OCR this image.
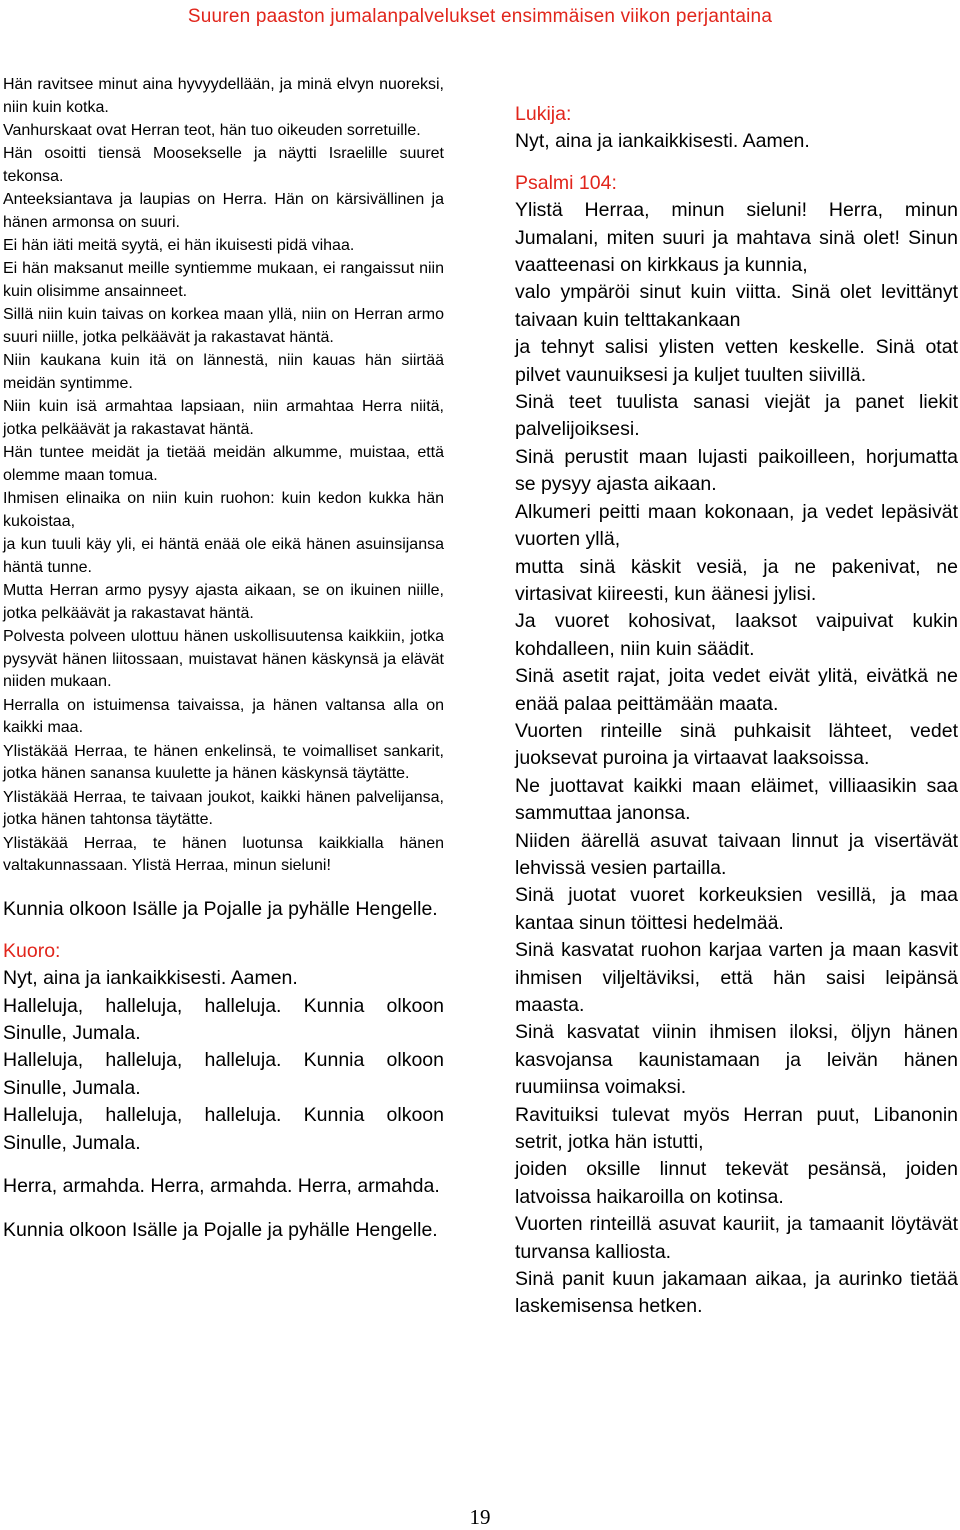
Suuren paaston jumalanpalvelukset ensimmäisen viikon perjantaina

Hän ravitsee minut aina hyvyydellään, ja minä elvyn nuoreksi, niin kuin kotka.

Vanhurskaat ovat Herran teot, hän tuo oikeuden sorretuille.

Hän osoitti tiensä Moosekselle ja näytti Israelille suuret tekonsa.

Anteeksiantava ja laupias on Herra. Hän on kärsivällinen ja hänen armonsa on suuri.

Ei hän iäti meitä syytä, ei hän ikuisesti pidä vihaa.

Ei hän maksanut meille syntiemme mukaan, ei rangaissut niin kuin olisimme ansainneet.

Sillä niin kuin taivas on korkea maan yllä, niin on Herran armo suuri niille, jotka pelkäävät ja rakastavat häntä.

Niin kaukana kuin itä on lännestä, niin kauas hän siirtää meidän syntimme.

Niin kuin isä armahtaa lapsiaan, niin armahtaa Herra niitä, jotka pelkäävät ja rakastavat häntä.

Hän tuntee meidät ja tietää meidän alkumme, muistaa, että olemme maan tomua.

Ihmisen elinaika on niin kuin ruohon: kuin kedon kukka hän kukoistaa,

ja kun tuuli käy yli, ei häntä enää ole eikä hänen asuinsijansa häntä tunne.

Mutta Herran armo pysyy ajasta aikaan, se on ikuinen niille, jotka pelkäävät ja rakastavat häntä.

Polvesta polveen ulottuu hänen uskollisuutensa kaikkiin, jotka pysyvät hänen liitossaan, muistavat hänen käskynsä ja elävät niiden mukaan.

Herralla on istuimensa taivaissa, ja hänen valtansa alla on kaikki maa.

Ylistäkää Herraa, te hänen enkelinsä, te voimalliset sankarit, jotka hänen sanansa kuulette ja hänen käskynsä täytätte.

Ylistäkää Herraa, te taivaan joukot, kaikki hänen palvelijansa, jotka hänen tahtonsa täytätte.

Ylistäkää Herraa, te hänen luotunsa kaikkialla hänen valtakunnassaan. Ylistä Herraa, minun sieluni!

Kunnia olkoon Isälle ja Pojalle ja pyhälle Hengelle.

Kuoro:

Nyt, aina ja iankaikkisesti. Aamen.

Halleluja, halleluja, halleluja. Kunnia olkoon Sinulle, Jumala.

Halleluja, halleluja, halleluja. Kunnia olkoon Sinulle, Jumala.

Halleluja, halleluja, halleluja. Kunnia olkoon Sinulle, Jumala.

Herra, armahda. Herra, armahda. Herra, armahda.

Kunnia olkoon Isälle ja Pojalle ja pyhälle Hengelle.

Lukija:

Nyt, aina ja iankaikkisesti. Aamen.

Psalmi 104:

Ylistä Herraa, minun sieluni! Herra, minun Jumalani, miten suuri ja mahtava sinä olet! Sinun vaatteenasi on kirkkaus ja kunnia,

valo ympäröi sinut kuin viitta. Sinä olet levittänyt taivaan kuin telttakankaan

ja tehnyt salisi ylisten vetten keskelle. Sinä otat pilvet vaunuiksesi ja kuljet tuulten siivillä.

Sinä teet tuulista sanasi viejät ja panet liekit palvelijoiksesi.

Sinä perustit maan lujasti paikoilleen, horjumatta se pysyy ajasta aikaan.

Alkumeri peitti maan kokonaan, ja vedet lepäsivät vuorten yllä,

mutta sinä käskit vesiä, ja ne pakenivat, ne virtasivat kiireesti, kun äänesi jylisi.

Ja vuoret kohosivat, laaksot vaipuivat kukin kohdalleen, niin kuin säädit.

Sinä asetit rajat, joita vedet eivät ylitä, eivätkä ne enää palaa peittämään maata.

Vuorten rinteille sinä puhkaisit lähteet, vedet juoksevat puroina ja virtaavat laaksoissa.

Ne juottavat kaikki maan eläimet, villiaasikin saa sammuttaa janonsa.

Niiden äärellä asuvat taivaan linnut ja visertävät lehvissä vesien partailla.

Sinä juotat vuoret korkeuksien vesillä, ja maa kantaa sinun töittesi hedelmää.

Sinä kasvatat ruohon karjaa varten ja maan kasvit ihmisen viljeltäviksi, että hän saisi leipänsä maasta.

Sinä kasvatat viinin ihmisen iloksi, öljyn hänen kasvojansa kaunistamaan ja leivän hänen ruumiinsa voimaksi.

Ravituiksi tulevat myös Herran puut, Libanonin setrit, jotka hän istutti,

joiden oksille linnut tekevät pesänsä, joiden latvoissa haikaroilla on kotinsa.

Vuorten rinteillä asuvat kauriit, ja tamaanit löytävät turvansa kalliosta.

Sinä panit kuun jakamaan aikaa, ja aurinko tietää laskemisensa hetken.

19
